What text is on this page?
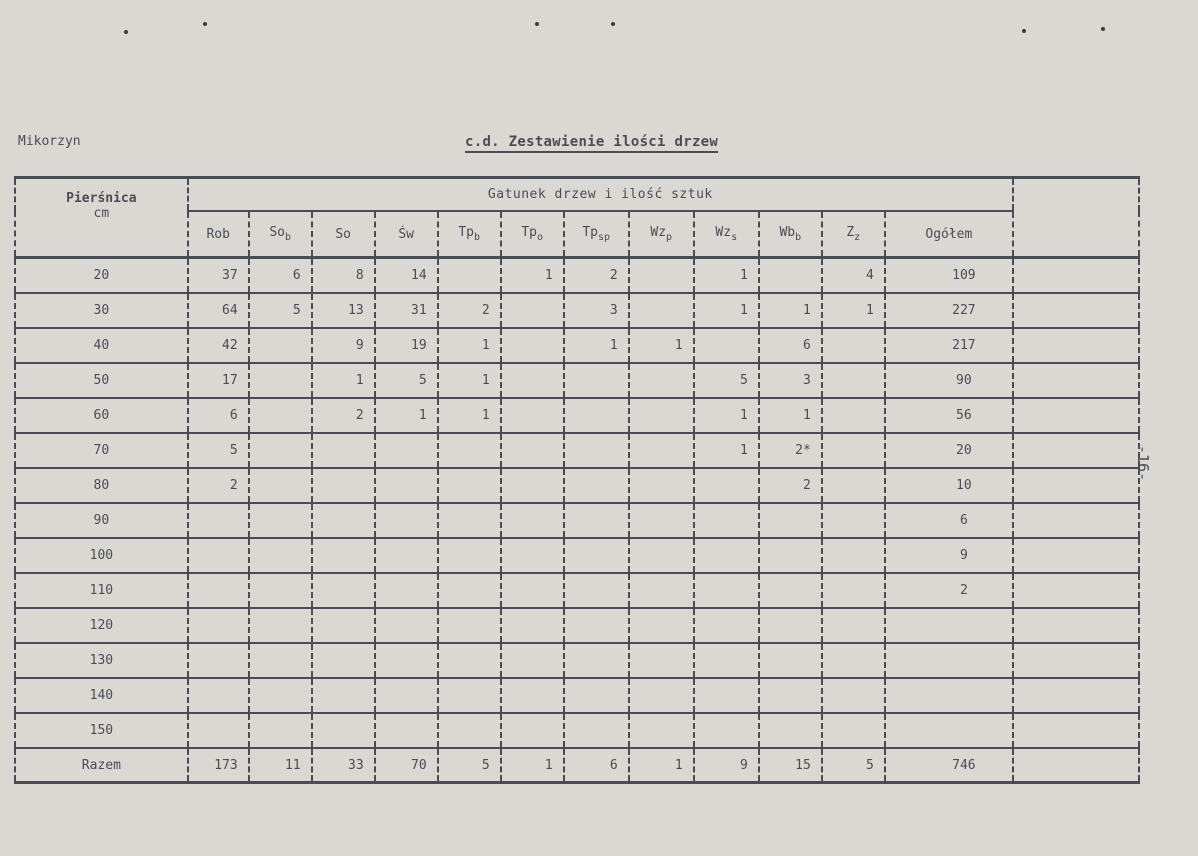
Mikorzyn	c.d. Zestawienie ilości drzew
-16-
Pierśnica
cm	Gatunek drzew i ilość sztuk												
	Rob	$So_b$	So	Św	$Tp_b$	$Tp_o$	$Tp_{sp}$	$Wz_p$	$Wz_s$	$Wb_b$	$Z_z$	Ogółem	
20	37	6	8	14		1	2		1		4	109	
30	64	5	13	31	2		3		1	1	1	227	
40	42		9	19	1		1	1		6		217	
50	17		1	5	1				5	3		90	
60	6		2	1	1				1	1		56	
70	5								1	2*		20	
80	2									2		10	
90												6	
100												9	
110												2	
120													
130													
140													
150													
Razem	173	11	33	70	5	1	6	1	9	15	5	746	
